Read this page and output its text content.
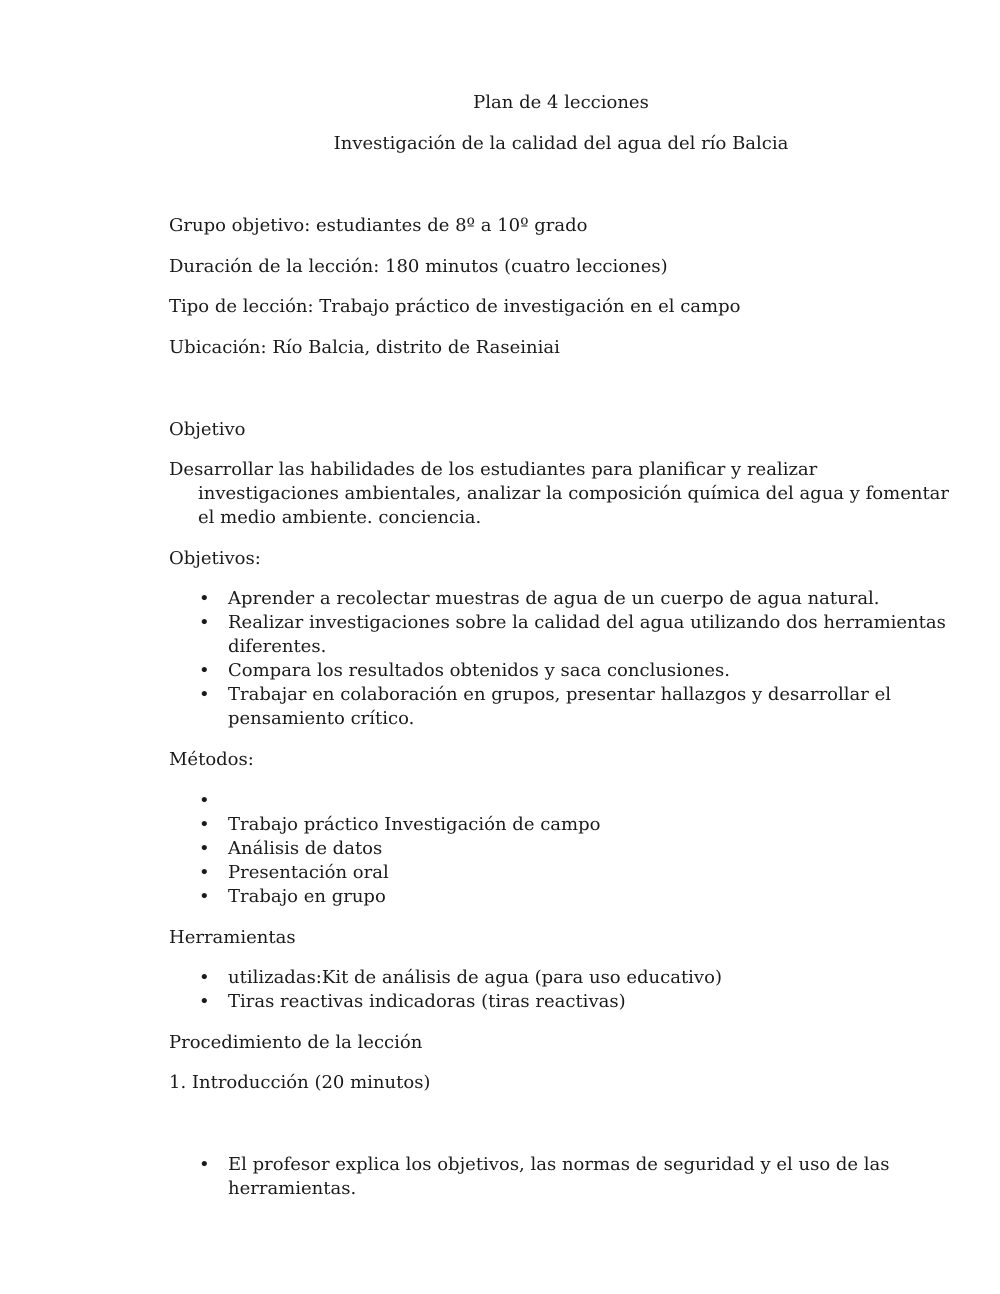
Plan de 4 lecciones
Investigación de la calidad del agua del río Balcia
Grupo objetivo: estudiantes de 8º a 10º grado
Duración de la lección: 180 minutos (cuatro lecciones)
Tipo de lección: Trabajo práctico de investigación en el campo
Ubicación: Río Balcia, distrito de Raseiniai
Objetivo
Desarrollar las habilidades de los estudiantes para planificar y realizar
investigaciones ambientales, analizar la composición química del agua y fomentar
el medio ambiente. conciencia.
Objetivos:
• Aprender a recolectar muestras de agua de un cuerpo de agua natural.
• Realizar investigaciones sobre la calidad del agua utilizando dos herramientas
diferentes.
• Compara los resultados obtenidos y saca conclusiones.
• Trabajar en colaboración en grupos, presentar hallazgos y desarrollar el
pensamiento crítico.
Métodos:
•
• Trabajo práctico Investigación de campo
• Análisis de datos
• Presentación oral
• Trabajo en grupo
Herramientas
• utilizadas:Kit de análisis de agua (para uso educativo)
• Tiras reactivas indicadoras (tiras reactivas)
Procedimiento de la lección
1. Introducción (20 minutos)
• El profesor explica los objetivos, las normas de seguridad y el uso de las
herramientas.
